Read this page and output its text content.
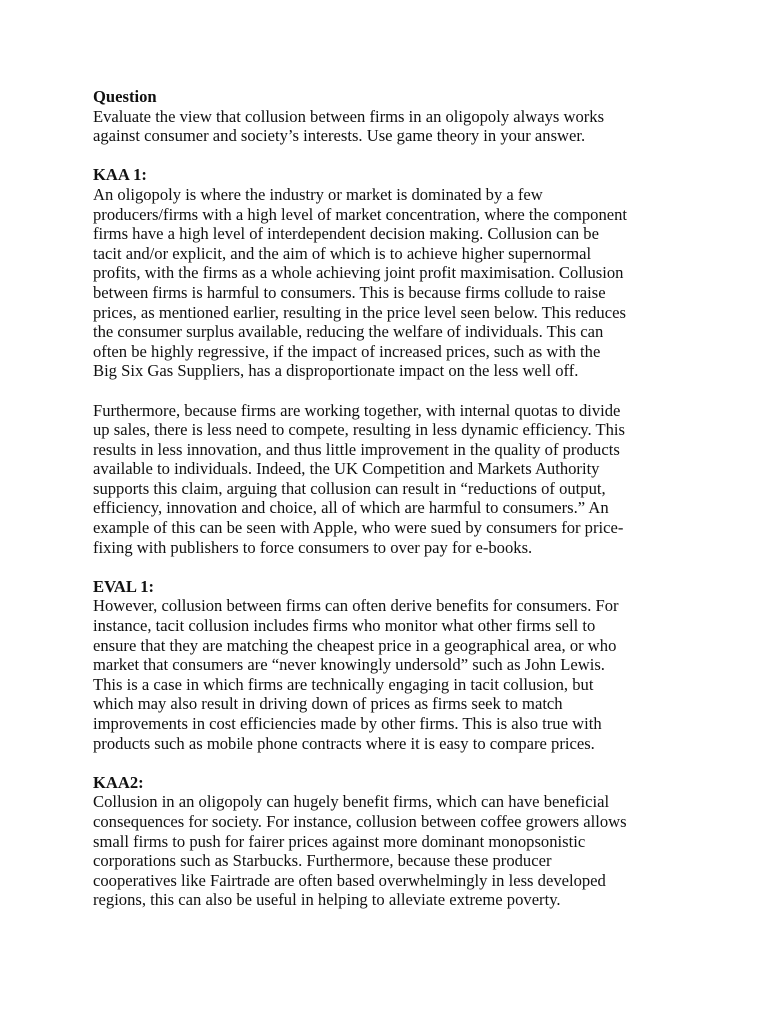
Question
Evaluate the view that collusion between firms in an oligopoly always works
against consumer and society’s interests. Use game theory in your answer.
KAA 1:
An oligopoly is where the industry or market is dominated by a few
producers/firms with a high level of market concentration, where the component
firms have a high level of interdependent decision making. Collusion can be
tacit and/or explicit, and the aim of which is to achieve higher supernormal
profits, with the firms as a whole achieving joint profit maximisation. Collusion
between firms is harmful to consumers. This is because firms collude to raise
prices, as mentioned earlier, resulting in the price level seen below. This reduces
the consumer surplus available, reducing the welfare of individuals. This can
often be highly regressive, if the impact of increased prices, such as with the
Big Six Gas Suppliers, has a disproportionate impact on the less well off.
Furthermore, because firms are working together, with internal quotas to divide
up sales, there is less need to compete, resulting in less dynamic efficiency. This
results in less innovation, and thus little improvement in the quality of products
available to individuals. Indeed, the UK Competition and Markets Authority
supports this claim, arguing that collusion can result in “reductions of output,
efficiency, innovation and choice, all of which are harmful to consumers.” An
example of this can be seen with Apple, who were sued by consumers for price-
fixing with publishers to force consumers to over pay for e-books.
EVAL 1:
However, collusion between firms can often derive benefits for consumers. For
instance, tacit collusion includes firms who monitor what other firms sell to
ensure that they are matching the cheapest price in a geographical area, or who
market that consumers are “never knowingly undersold” such as John Lewis.
This is a case in which firms are technically engaging in tacit collusion, but
which may also result in driving down of prices as firms seek to match
improvements in cost efficiencies made by other firms. This is also true with
products such as mobile phone contracts where it is easy to compare prices.
KAA2:
Collusion in an oligopoly can hugely benefit firms, which can have beneficial
consequences for society. For instance, collusion between coffee growers allows
small firms to push for fairer prices against more dominant monopsonistic
corporations such as Starbucks. Furthermore, because these producer
cooperatives like Fairtrade are often based overwhelmingly in less developed
regions, this can also be useful in helping to alleviate extreme poverty.
